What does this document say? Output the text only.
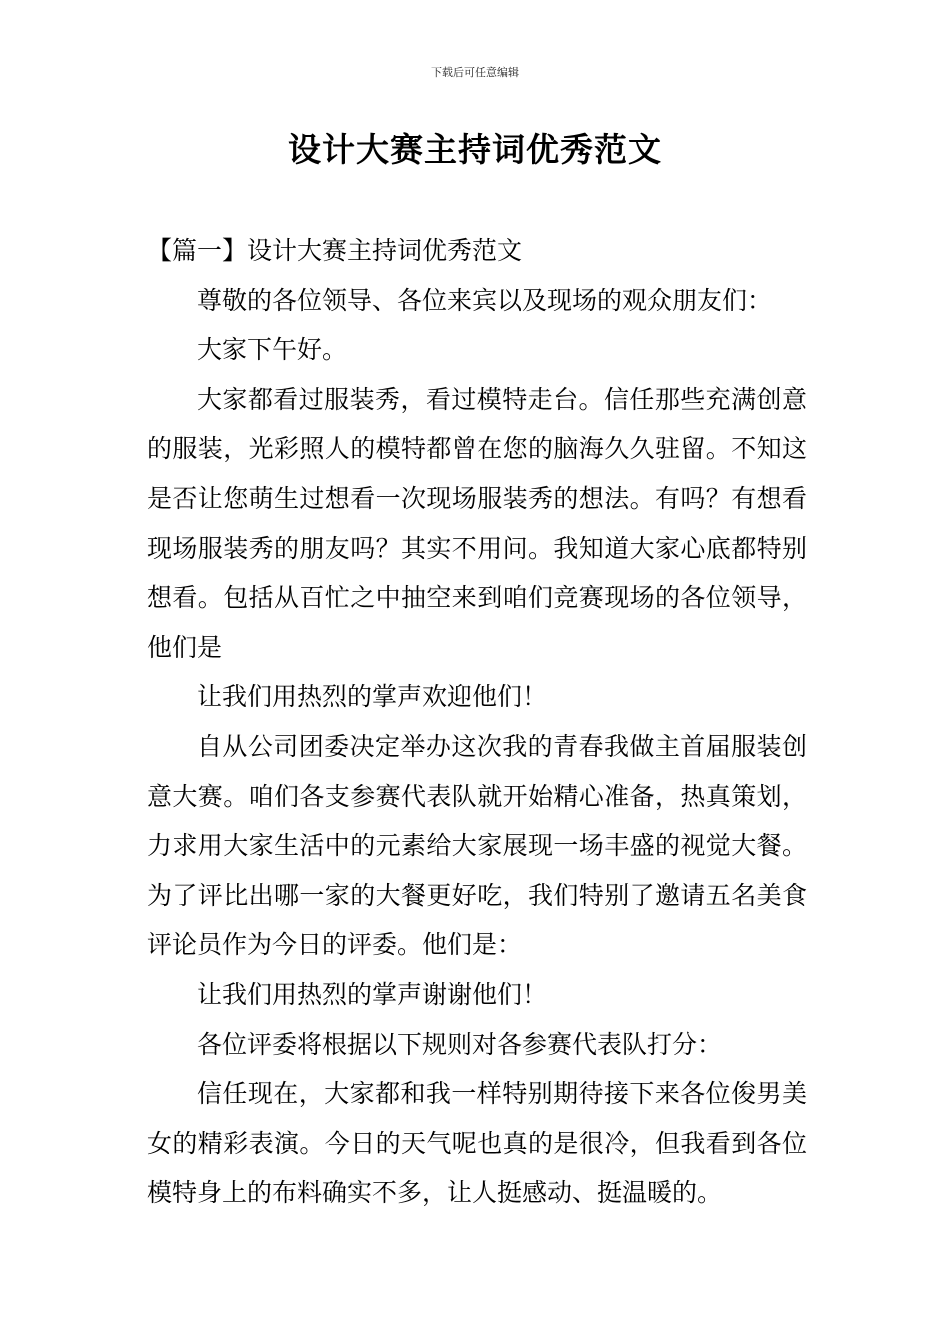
下载后可任意编辑
设计大赛主持词优秀范文

【篇一】设计大赛主持词优秀范文

尊敬的各位领导、各位来宾以及现场的观众朋友们：

大家下午好。

大家都看过服装秀，看过模特走台。信任那些充满创意的服装，光彩照人的模特都曾在您的脑海久久驻留。不知这是否让您萌生过想看一次现场服装秀的想法。有吗？有想看现场服装秀的朋友吗？其实不用问。我知道大家心底都特别想看。包括从百忙之中抽空来到咱们竞赛现场的各位领导，他们是

让我们用热烈的掌声欢迎他们！

自从公司团委决定举办这次我的青春我做主首届服装创意大赛。咱们各支参赛代表队就开始精心准备，热真策划，力求用大家生活中的元素给大家展现一场丰盛的视觉大餐。为了评比出哪一家的大餐更好吃，我们特别了邀请五名美食评论员作为今日的评委。他们是：

让我们用热烈的掌声谢谢他们！

各位评委将根据以下规则对各参赛代表队打分：

信任现在，大家都和我一样特别期待接下来各位俊男美女的精彩表演。今日的天气呢也真的是很冷，但我看到各位模特身上的布料确实不多，让人挺感动、挺温暖的。
